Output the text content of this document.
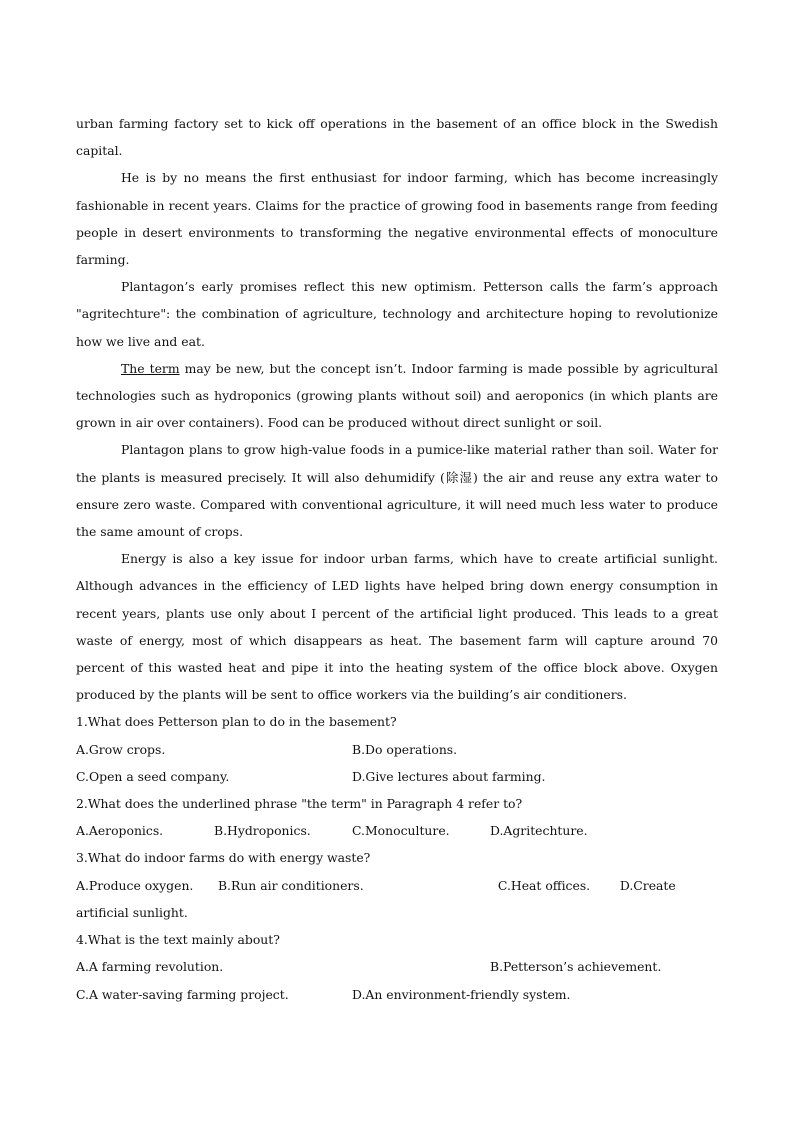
urban farming factory set to kick off operations in the basement of an office block in the Swedish capital.

He is by no means the first enthusiast for indoor farming, which has become increasingly fashionable in recent years. Claims for the practice of growing food in basements range from feeding people in desert environments to transforming the negative environmental effects of monoculture farming.

Plantagon’s early promises reflect this new optimism. Petterson calls the farm’s approach "agritechture": the combination of agriculture, technology and architecture hoping to revolutionize how we live and eat.

The term may be new, but the concept isn’t. Indoor farming is made possible by agricultural technologies such as hydroponics (growing plants without soil) and aeroponics (in which plants are grown in air over containers). Food can be produced without direct sunlight or soil.

Plantagon plans to grow high-value foods in a pumice-like material rather than soil. Water for the plants is measured precisely. It will also dehumidify (除湿) the air and reuse any extra water to ensure zero waste. Compared with conventional agriculture, it will need much less water to produce the same amount of crops.

Energy is also a key issue for indoor urban farms, which have to create artificial sunlight. Although advances in the efficiency of LED lights have helped bring down energy consumption in recent years, plants use only about I percent of the artificial light produced. This leads to a great waste of energy, most of which disappears as heat. The basement farm will capture around 70 percent of this wasted heat and pipe it into the heating system of the office block above. Oxygen produced by the plants will be sent to office workers via the building’s air conditioners.

1.What does Petterson plan to do in the basement?

A.Grow crops.	B.Do operations.
C.Open a seed company.	D.Give lectures about farming.

2.What does the underlined phrase "the term" in Paragraph 4 refer to?

A.Aeroponics.	B.Hydroponics.	C.Monoculture.	D.Agritechture.

3.What do indoor farms do with energy waste?

A.Produce oxygen. B.Run air conditioners.	C.Heat offices. D.Create artificial sunlight.

4.What is the text mainly about?

A.A farming revolution.	B.Petterson’s achievement.
C.A water-saving farming project.	D.An environment-friendly system.
